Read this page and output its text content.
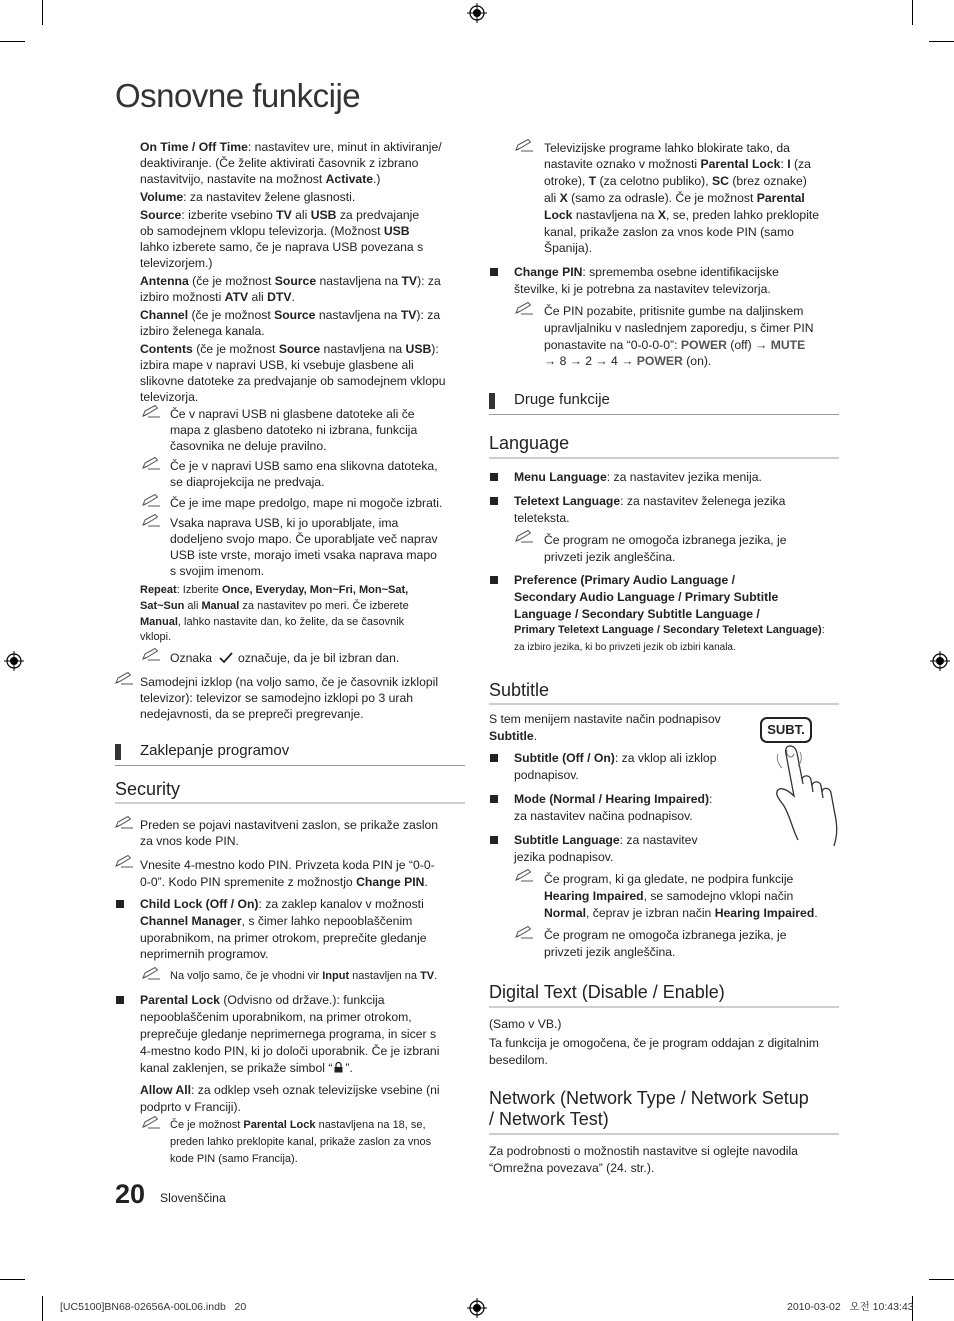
Osnovne funkcije
On Time / Off Time: nastavitev ure, minut in aktiviranje/
deaktiviranje. (Če želite aktivirati časovnik z izbrano
nastavitvijo, nastavite na možnost Activate.)
Volume: za nastavitev želene glasnosti.
Source: izberite vsebino TV ali USB za predvajanje
ob samodejnem vklopu televizorja. (Možnost USB
lahko izberete samo, če je naprava USB povezana s
televizorjem.)
Antenna (če je možnost Source nastavljena na TV): za
izbiro možnosti ATV ali DTV.
Channel (če je možnost Source nastavljena na TV): za
izbiro želenega kanala.
Contents (če je možnost Source nastavljena na USB):
izbira mape v napravi USB, ki vsebuje glasbene ali
slikovne datoteke za predvajanje ob samodejnem vklopu
televizorja.
Če v napravi USB ni glasbene datoteke ali če
mapa z glasbeno datoteko ni izbrana, funkcija
časovnika ne deluje pravilno.
Če je v napravi USB samo ena slikovna datoteka,
se diaprojekcija ne predvaja.
Če je ime mape predolgo, mape ni mogoče izbrati.
Vsaka naprava USB, ki jo uporabljate, ima
dodeljeno svojo mapo. Če uporabljate več naprav
USB iste vrste, morajo imeti vsaka naprava mapo
s svojim imenom.
Repeat: Izberite Once, Everyday, Mon~Fri, Mon~Sat,
Sat~Sun ali Manual za nastavitev po meri. Če izberete
Manual, lahko nastavite dan, ko želite, da se časovnik
vklopi.
Oznaka označuje, da je bil izbran dan.
Samodejni izklop (na voljo samo, če je časovnik izklopil
televizor): televizor se samodejno izklopi po 3 urah
nedejavnosti, da se prepreči pregrevanje.
Zaklepanje programov
Security
Preden se pojavi nastavitveni zaslon, se prikaže zaslon
za vnos kode PIN.
Vnesite 4-mestno kodo PIN. Privzeta koda PIN je “0-0-
0-0”. Kodo PIN spremenite z možnostjo Change PIN.
Child Lock (Off / On): za zaklep kanalov v možnosti
Channel Manager, s čimer lahko nepooblaščenim
uporabnikom, na primer otrokom, preprečite gledanje
neprimernih programov.
Na voljo samo, če je vhodni vir Input nastavljen na TV.
Parental Lock (Odvisno od države.): funkcija
nepooblaščenim uporabnikom, na primer otrokom,
preprečuje gledanje neprimernega programa, in sicer s
4-mestno kodo PIN, ki jo določi uporabnik. Če je izbrani
kanal zaklenjen, se prikaže simbol “ ”.
Allow All: za odklep vseh oznak televizijske vsebine (ni
podprto v Franciji).
Če je možnost Parental Lock nastavljena na 18, se,
preden lahko preklopite kanal, prikaže zaslon za vnos
kode PIN (samo Francija).
20 Slovenščina
Televizijske programe lahko blokirate tako, da
nastavite oznako v možnosti Parental Lock: I (za
otroke), T (za celotno publiko), SC (brez oznake)
ali X (samo za odrasle). Če je možnost Parental
Lock nastavljena na X, se, preden lahko preklopite
kanal, prikaže zaslon za vnos kode PIN (samo
Španija).
Change PIN: sprememba osebne identifikacijske
številke, ki je potrebna za nastavitev televizorja.
Če PIN pozabite, pritisnite gumbe na daljinskem
upravljalniku v naslednjem zaporedju, s čimer PIN
ponastavite na “0-0-0-0”: POWER (off) → MUTE
→ 8 → 2 → 4 → POWER (on).
Druge funkcije
Language
Menu Language: za nastavitev jezika menija.
Teletext Language: za nastavitev želenega jezika
teleteksta.
Če program ne omogoča izbranega jezika, je
privzeti jezik angleščina.
Preference (Primary Audio Language /
Secondary Audio Language / Primary Subtitle
Language / Secondary Subtitle Language /
Primary Teletext Language / Secondary Teletext Language):
za izbiro jezika, ki bo privzeti jezik ob izbiri kanala.
Subtitle
S tem menijem nastavite način podnapisov
Subtitle.	SUBT.
Subtitle (Off / On): za vklop ali izklop
podnapisov.
Mode (Normal / Hearing Impaired):
za nastavitev načina podnapisov.
Subtitle Language: za nastavitev
jezika podnapisov.
Če program, ki ga gledate, ne podpira funkcije
Hearing Impaired, se samodejno vklopi način
Normal, čeprav je izbran način Hearing Impaired.
Če program ne omogoča izbranega jezika, je
privzeti jezik angleščina.
Digital Text (Disable / Enable)
(Samo v VB.)
Ta funkcija je omogočena, če je program oddajan z digitalnim
besedilom.
Network (Network Type / Network Setup
/ Network Test)
Za podrobnosti o možnostih nastavitve si oglejte navodila
“Omrežna povezava” (24. str.).
[UC5100]BN68-02656A-00L06.indb   20	2010-03-02   오전 10:43:43
